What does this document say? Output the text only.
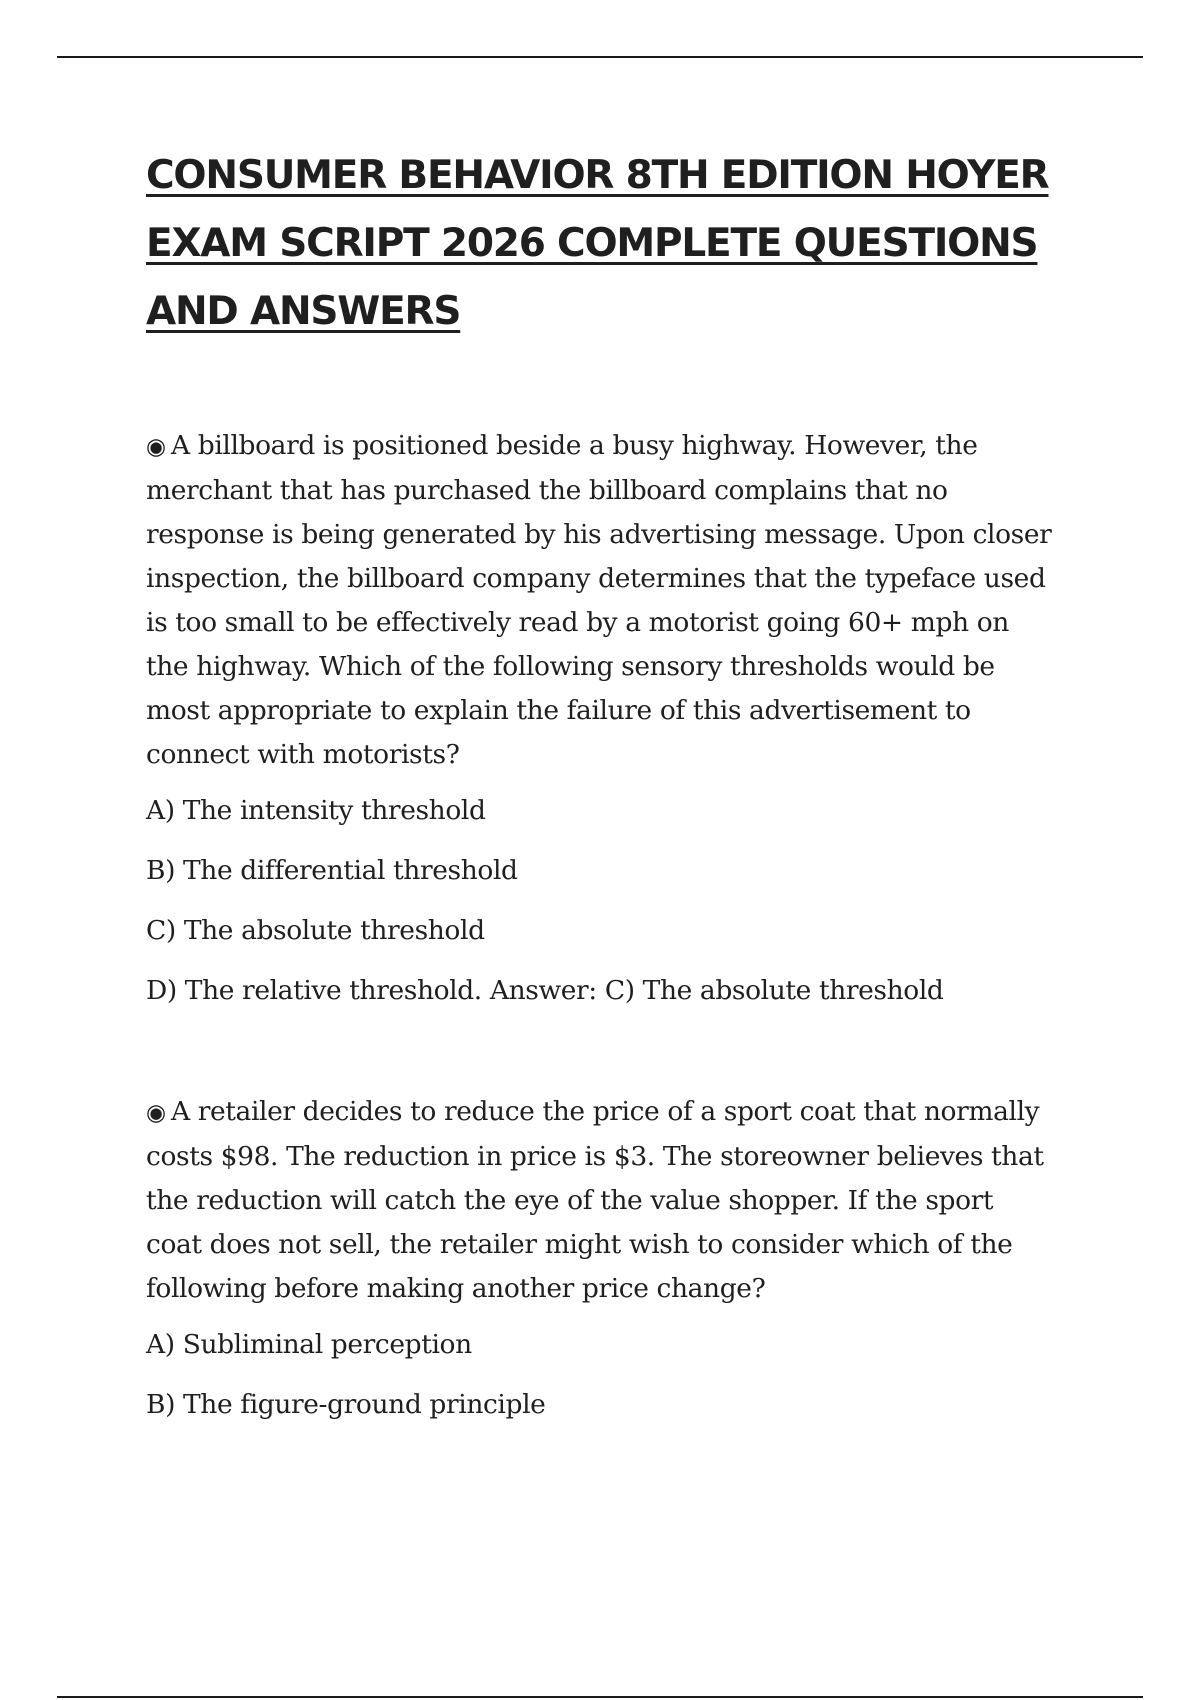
CONSUMER BEHAVIOR 8TH EDITION HOYER
EXAM SCRIPT 2026 COMPLETE QUESTIONS
AND ANSWERS

◉ A billboard is positioned beside a busy highway. However, the
merchant that has purchased the billboard complains that no
response is being generated by his advertising message. Upon closer
inspection, the billboard company determines that the typeface used
is too small to be effectively read by a motorist going 60+ mph on
the highway. Which of the following sensory thresholds would be
most appropriate to explain the failure of this advertisement to
connect with motorists?

A) The intensity threshold
B) The differential threshold
C) The absolute threshold
D) The relative threshold. Answer: C) The absolute threshold

◉ A retailer decides to reduce the price of a sport coat that normally
costs $98. The reduction in price is $3. The storeowner believes that
the reduction will catch the eye of the value shopper. If the sport
coat does not sell, the retailer might wish to consider which of the
following before making another price change?

A) Subliminal perception
B) The figure-ground principle
